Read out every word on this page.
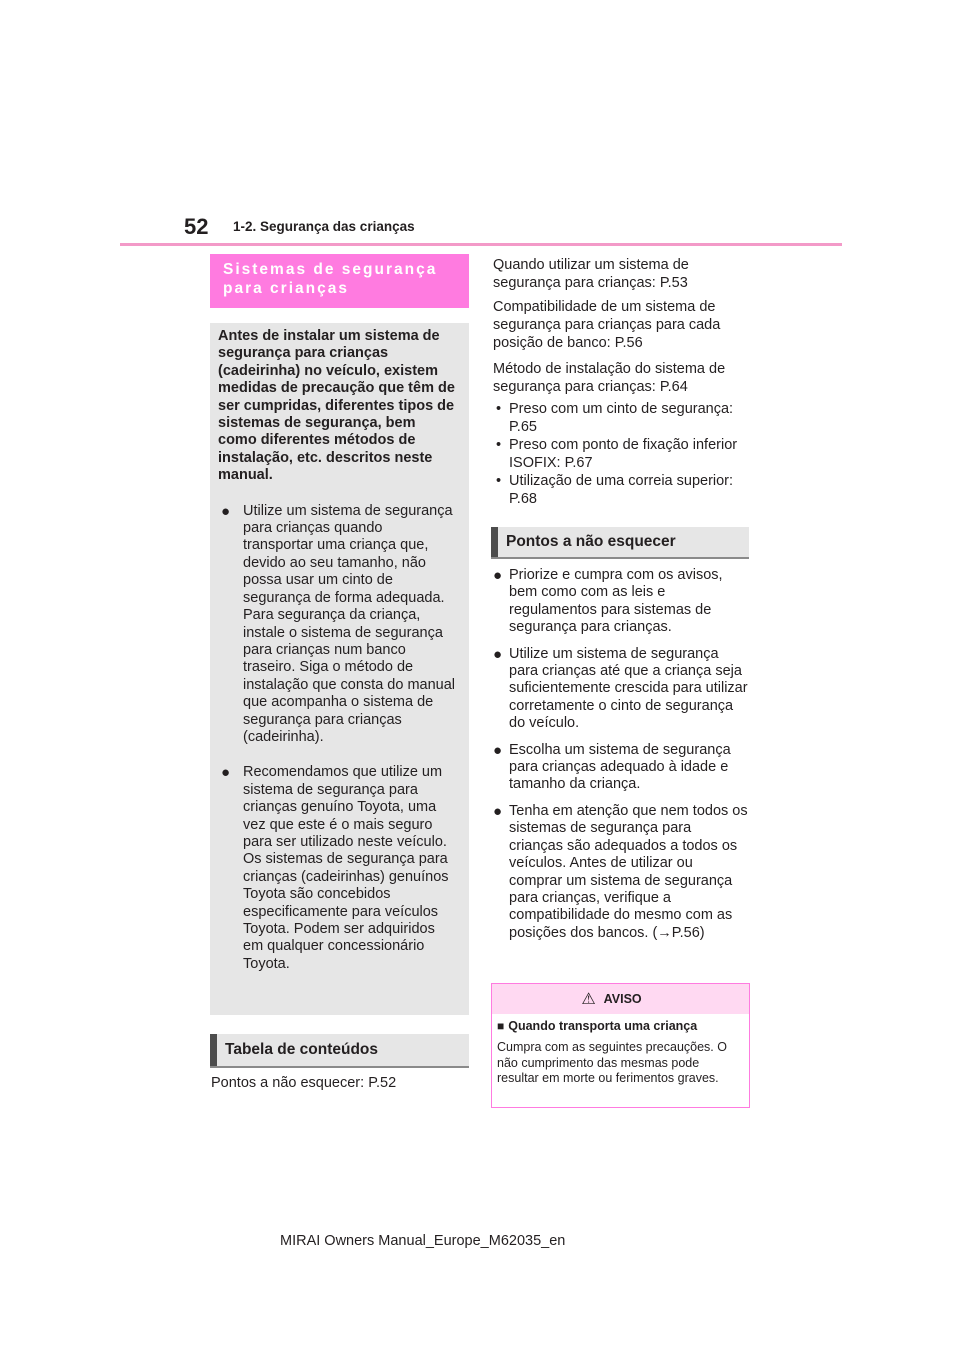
52 1-2. Segurança das crianças
Sistemas de segurança
para crianças

Antes de instalar um sistema de segurança para crianças (cadeirinha) no veículo, existem medidas de precaução que têm de ser cumpridas, diferentes tipos de sistemas de segurança, bem como diferentes métodos de instalação, etc. descritos neste manual.

● Utilize um sistema de segurança para crianças quando transportar uma criança que, devido ao seu tamanho, não possa usar um cinto de segurança de forma adequada. Para segurança da criança, instale o sistema de segurança para crianças num banco traseiro. Siga o método de instalação que consta do manual que acompanha o sistema de segurança para crianças (cadeirinha).
● Recomendamos que utilize um sistema de segurança para crianças genuíno Toyota, uma vez que este é o mais seguro para ser utilizado neste veículo. Os sistemas de segurança para crianças (cadeirinhas) genuínos Toyota são concebidos especificamente para veículos Toyota. Podem ser adquiridos em qualquer concessionário Toyota.
Tabela de conteúdos
Pontos a não esquecer: P.52
Quando utilizar um sistema de segurança para crianças: P.53
Compatibilidade de um sistema de segurança para crianças para cada posição de banco: P.56
Método de instalação do sistema de segurança para crianças: P.64
• Preso com um cinto de segurança: P.65
• Preso com ponto de fixação inferior ISOFIX: P.67
• Utilização de uma correia superior: P.68
Pontos a não esquecer
● Priorize e cumpra com os avisos, bem como com as leis e regulamentos para sistemas de segurança para crianças.
● Utilize um sistema de segurança para crianças até que a criança seja suficientemente crescida para utilizar corretamente o cinto de segurança do veículo.
● Escolha um sistema de segurança para crianças adequado à idade e tamanho da criança.
● Tenha em atenção que nem todos os sistemas de segurança para crianças são adequados a todos os veículos. Antes de utilizar ou comprar um sistema de segurança para crianças, verifique a compatibilidade do mesmo com as posições dos bancos. (→P.56)
⚠ AVISO
■ Quando transporta uma criança
Cumpra com as seguintes precauções. O não cumprimento das mesmas pode resultar em morte ou ferimentos graves.
MIRAI Owners Manual_Europe_M62035_en
